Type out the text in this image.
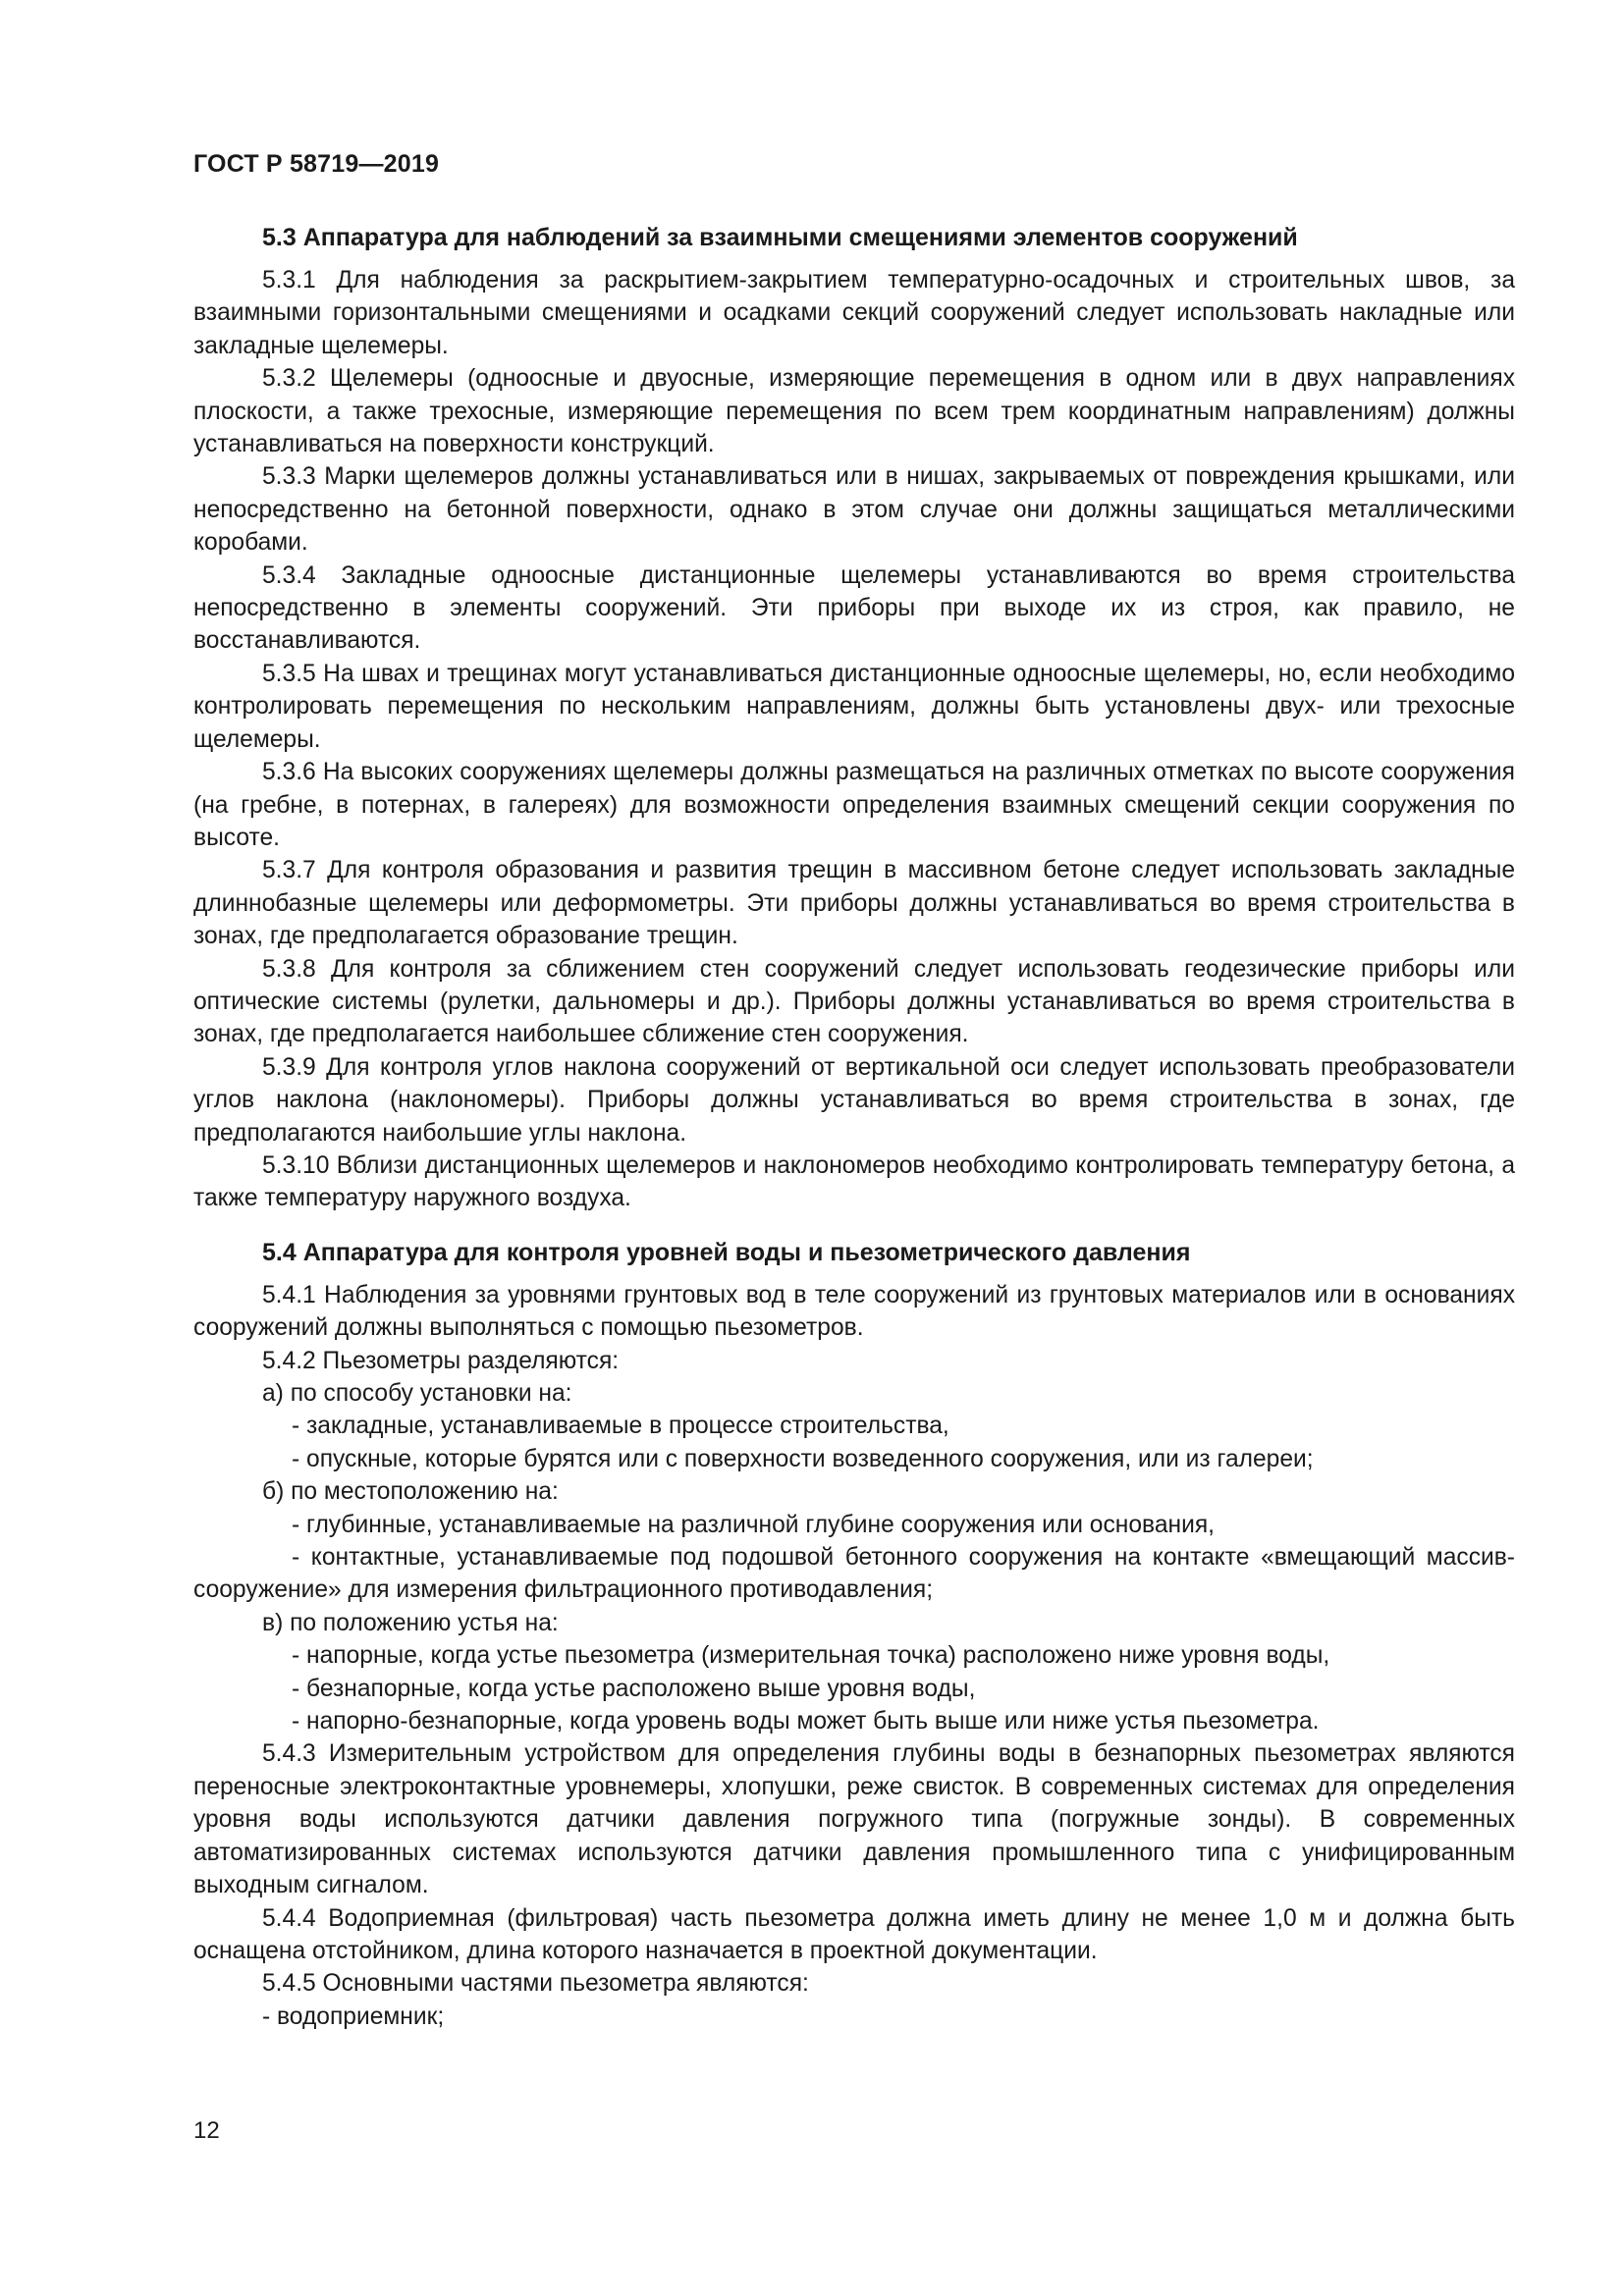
ГОСТ Р 58719—2019
5.3 Аппаратура для наблюдений за взаимными смещениями элементов сооружений

5.3.1 Для наблюдения за раскрытием-закрытием температурно-осадочных и строительных швов, за взаимными горизонтальными смещениями и осадками секций сооружений следует использовать накладные или закладные щелемеры.

5.3.2 Щелемеры (одноосные и двуосные, измеряющие перемещения в одном или в двух направлениях плоскости, а также трехосные, измеряющие перемещения по всем трем координатным направлениям) должны устанавливаться на поверхности конструкций.

5.3.3 Марки щелемеров должны устанавливаться или в нишах, закрываемых от повреждения крышками, или непосредственно на бетонной поверхности, однако в этом случае они должны защищаться металлическими коробами.

5.3.4 Закладные одноосные дистанционные щелемеры устанавливаются во время строительства непосредственно в элементы сооружений. Эти приборы при выходе их из строя, как правило, не восстанавливаются.

5.3.5 На швах и трещинах могут устанавливаться дистанционные одноосные щелемеры, но, если необходимо контролировать перемещения по нескольким направлениям, должны быть установлены двух- или трехосные щелемеры.

5.3.6 На высоких сооружениях щелемеры должны размещаться на различных отметках по высоте сооружения (на гребне, в потернах, в галереях) для возможности определения взаимных смещений секции сооружения по высоте.

5.3.7 Для контроля образования и развития трещин в массивном бетоне следует использовать закладные длиннобазные щелемеры или деформометры. Эти приборы должны устанавливаться во время строительства в зонах, где предполагается образование трещин.

5.3.8 Для контроля за сближением стен сооружений следует использовать геодезические приборы или оптические системы (рулетки, дальномеры и др.). Приборы должны устанавливаться во время строительства в зонах, где предполагается наибольшее сближение стен сооружения.

5.3.9 Для контроля углов наклона сооружений от вертикальной оси следует использовать преобразователи углов наклона (наклономеры). Приборы должны устанавливаться во время строительства в зонах, где предполагаются наибольшие углы наклона.

5.3.10 Вблизи дистанционных щелемеров и наклономеров необходимо контролировать температуру бетона, а также температуру наружного воздуха.

5.4 Аппаратура для контроля уровней воды и пьезометрического давления

5.4.1 Наблюдения за уровнями грунтовых вод в теле сооружений из грунтовых материалов или в основаниях сооружений должны выполняться с помощью пьезометров.

5.4.2 Пьезометры разделяются:

а) по способу установки на:

- закладные, устанавливаемые в процессе строительства,

- опускные, которые бурятся или с поверхности возведенного сооружения, или из галереи;

б) по местоположению на:

- глубинные, устанавливаемые на различной глубине сооружения или основания,

- контактные, устанавливаемые под подошвой бетонного сооружения на контакте «вмещающий массив-сооружение» для измерения фильтрационного противодавления;

в) по положению устья на:

- напорные, когда устье пьезометра (измерительная точка) расположено ниже уровня воды,

- безнапорные, когда устье расположено выше уровня воды,

- напорно-безнапорные, когда уровень воды может быть выше или ниже устья пьезометра.

5.4.3 Измерительным устройством для определения глубины воды в безнапорных пьезометрах являются переносные электроконтактные уровнемеры, хлопушки, реже свисток. В современных системах для определения уровня воды используются датчики давления погружного типа (погружные зонды). В современных автоматизированных системах используются датчики давления промышленного типа с унифицированным выходным сигналом.

5.4.4 Водоприемная (фильтровая) часть пьезометра должна иметь длину не менее 1,0 м и должна быть оснащена отстойником, длина которого назначается в проектной документации.

5.4.5 Основными частями пьезометра являются:

- водоприемник;

12
